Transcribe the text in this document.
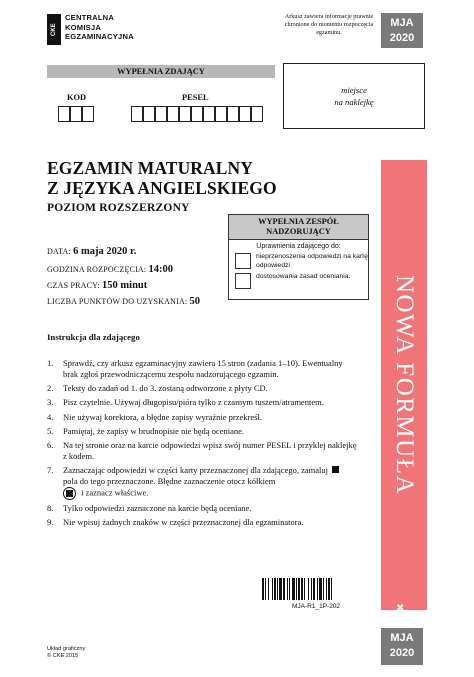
CKE
CENTRALNA
KOMISJA
EGZAMINACYJNA
Arkusz zawiera informacje prawnie chronione do momentu rozpoczęcia egzaminu.
MJA
2020
WYPEŁNIA ZDAJĄCY
KOD	PESEL
miejsce
na naklejkę
EGZAMIN MATURALNY
Z JĘZYKA ANGIELSKIEGO
POZIOM ROZSZERZONY
WYPEŁNIA ZESPÓŁ
NADZORUJĄCY
Uprawnienia zdającego do:
nieprzenoszenia odpowiedzi na kartę odpowiedzi
dostosowania zasad oceniania.
DATA: 6 maja 2020 r.
GODZINA ROZPOCZĘCIA: 14:00
CZAS PRACY: 150 minut
LICZBA PUNKTÓW DO UZYSKANIA: 50
Instrukcja dla zdającego
1.	Sprawdź, czy arkusz egzaminacyjny zawiera 15 stron (zadania 1–10). Ewentualny brak zgłoś przewodniczącemu zespołu nadzorującego egzamin.
2.	Teksty do zadań od 1. do 3. zostaną odtworzone z płyty CD.
3.	Pisz czytelnie. Używaj długopisu/pióra tylko z czarnym tuszem/atramentem.
4.	Nie używaj korektora, a błędne zapisy wyraźnie przekreśl.
5.	Pamiętaj, że zapisy w brudnopisie nie będą oceniane.
6.	Na tej stronie oraz na karcie odpowiedzi wpisz swój numer PESEL i przyklej naklejkę z kodem.
7.	Zaznaczając odpowiedzi w części karty przeznaczonej dla zdającego, zamaluj  pola do tego przeznaczone. Błędne zaznaczenie otocz kółkiem

i zaznacz właściwe.
8.	Tylko odpowiedzi zaznaczone na karcie będą oceniane.
9.	Nie wpisuj żadnych znaków w części przeznaczonej dla egzaminatora.
NOWA FORMUŁA
✖
MJA-R1_1P-202
MJA
2020
Układ graficzny
© CKE 2015
